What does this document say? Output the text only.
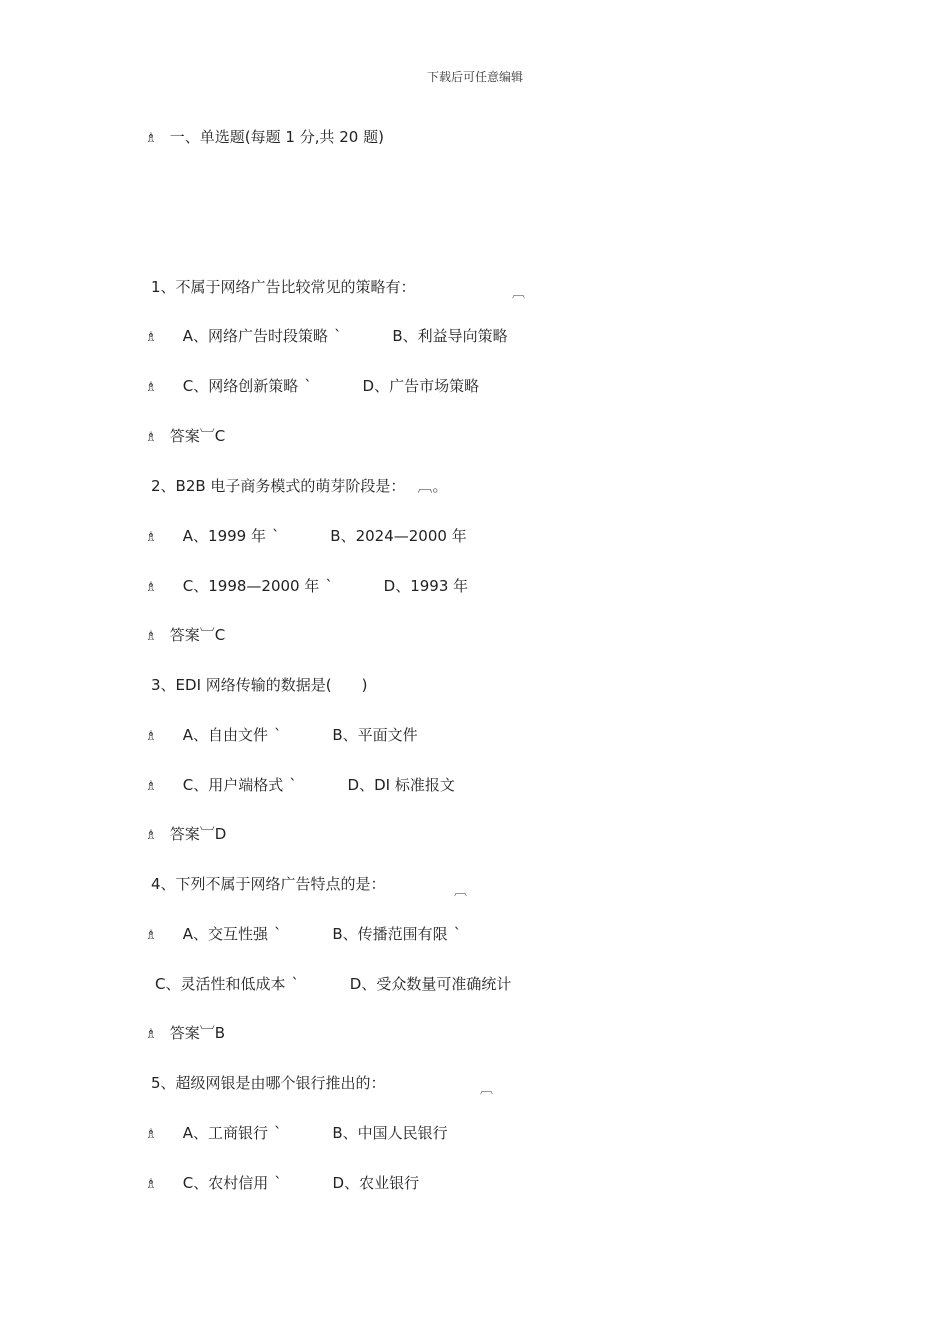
下载后可任意编辑
♗ 一、单选题(每题 1 分,共 20 题)
1、不属于网络广告比较常见的策略有：	︹
♗ A、网络广告时段策略 ˋ	B、利益导向策略
♗ C、网络创新策略 ˋ	D、广告市场策略
♗ 答案︺C
2、B2B 电子商务模式的萌芽阶段是： ︹。
♗ A、1999 年 ˋ	B、2024—2000 年
♗ C、1998—2000 年 ˋ	D、1993 年
♗ 答案︺C
3、EDI 网络传输的数据是(　　)
♗ A、自由文件 ˋ	B、平面文件
♗ C、用户端格式 ˋ	D、DI 标准报文
♗ 答案︺D
4、下列不属于网络广告特点的是：	︹
♗ A、交互性强 ˋ	B、传播范围有限 ˋ
C、灵活性和低成本 ˋ	D、受众数量可准确统计
♗ 答案︺B
5、超级网银是由哪个银行推出的：	︹
♗ A、工商银行 ˋ	B、中国人民银行
♗ C、农村信用 ˋ	D、农业银行
